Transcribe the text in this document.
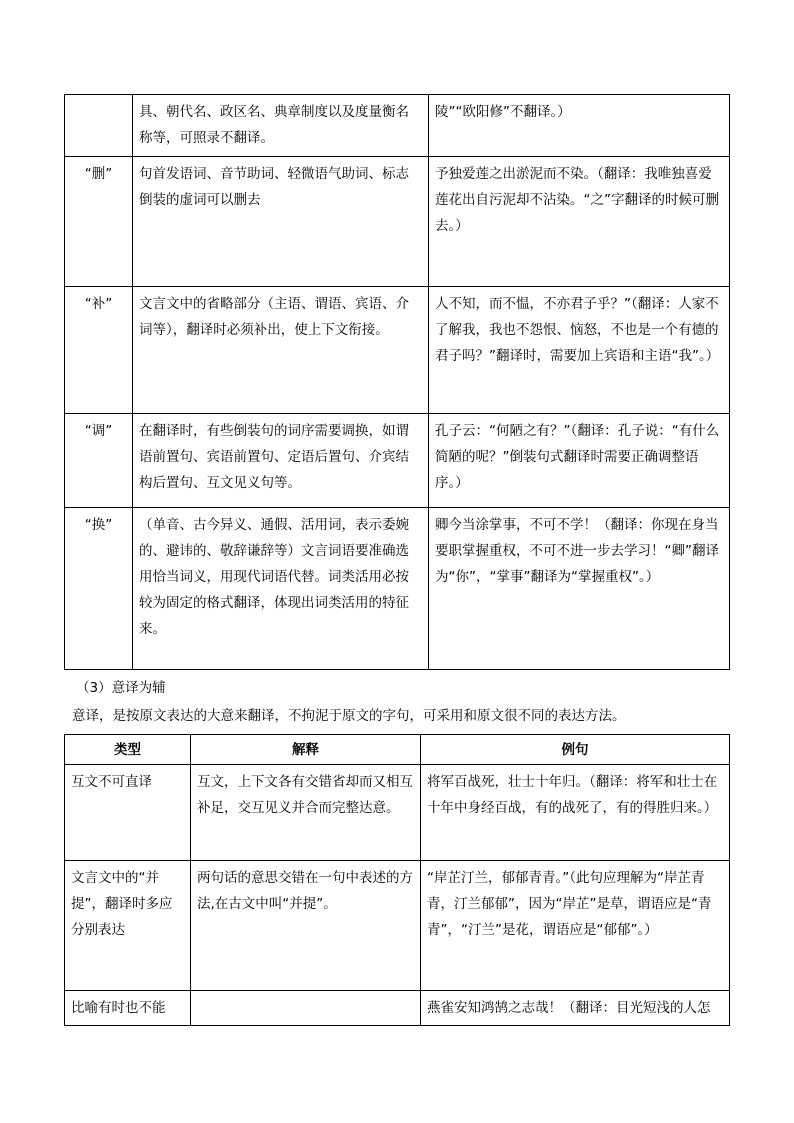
	具、朝代名、政区名、典章制度以及度量衡名称等，可照录不翻译。	陵”“欧阳修”不翻译。）
“删”	句首发语词、音节助词、轻微语气助词、标志倒装的虚词可以删去	予独爱莲之出淤泥而不染。（翻译：我唯独喜爱莲花出自污泥却不沾染。“之”字翻译的时候可删去。）
“补”	文言文中的省略部分（主语、谓语、宾语、介词等），翻译时必须补出，使上下文衔接。	人不知，而不愠，不亦君子乎？”（翻译：人家不了解我，我也不怨恨、恼怒，不也是一个有德的君子吗？”翻译时，需要加上宾语和主语“我”。）
“调”	在翻译时，有些倒装句的词序需要调换，如谓语前置句、宾语前置句、定语后置句、介宾结构后置句、互文见义句等。	孔子云：“何陋之有？”（翻译：孔子说：“有什么简陋的呢？”倒装句式翻译时需要正确调整语序。）
“换”	（单音、古今异义、通假、活用词，表示委婉的、避讳的、敬辞谦辞等）文言词语要准确选用恰当词义，用现代词语代替。词类活用必按较为固定的格式翻译，体现出词类活用的特征来。	卿今当涂掌事，不可不学！（翻译：你现在身当要职掌握重权，不可不进一步去学习！“卿”翻译为“你”，“掌事”翻译为“掌握重权”。）
（3）意译为辅
意译，是按原文表达的大意来翻译，不拘泥于原文的字句，可采用和原文很不同的表达方法。
类型	解释	例句
互文不可直译	互文，上下文各有交错省却而又相互补足，交互见义并合而完整达意。	将军百战死，壮士十年归。（翻译：将军和壮士在十年中身经百战，有的战死了，有的得胜归来。）
文言文中的“并提”，翻译时多应分别表达	两句话的意思交错在一句中表述的方法,在古文中叫“并提”。	“岸芷汀兰，郁郁青青。”（此句应理解为“岸芷青青，汀兰郁郁”，因为“岸芷”是草，谓语应是“青青”，“汀兰”是花，谓语应是“郁郁”。）
比喻有时也不能		燕雀安知鸿鹄之志哉！（翻译：目光短浅的人怎
